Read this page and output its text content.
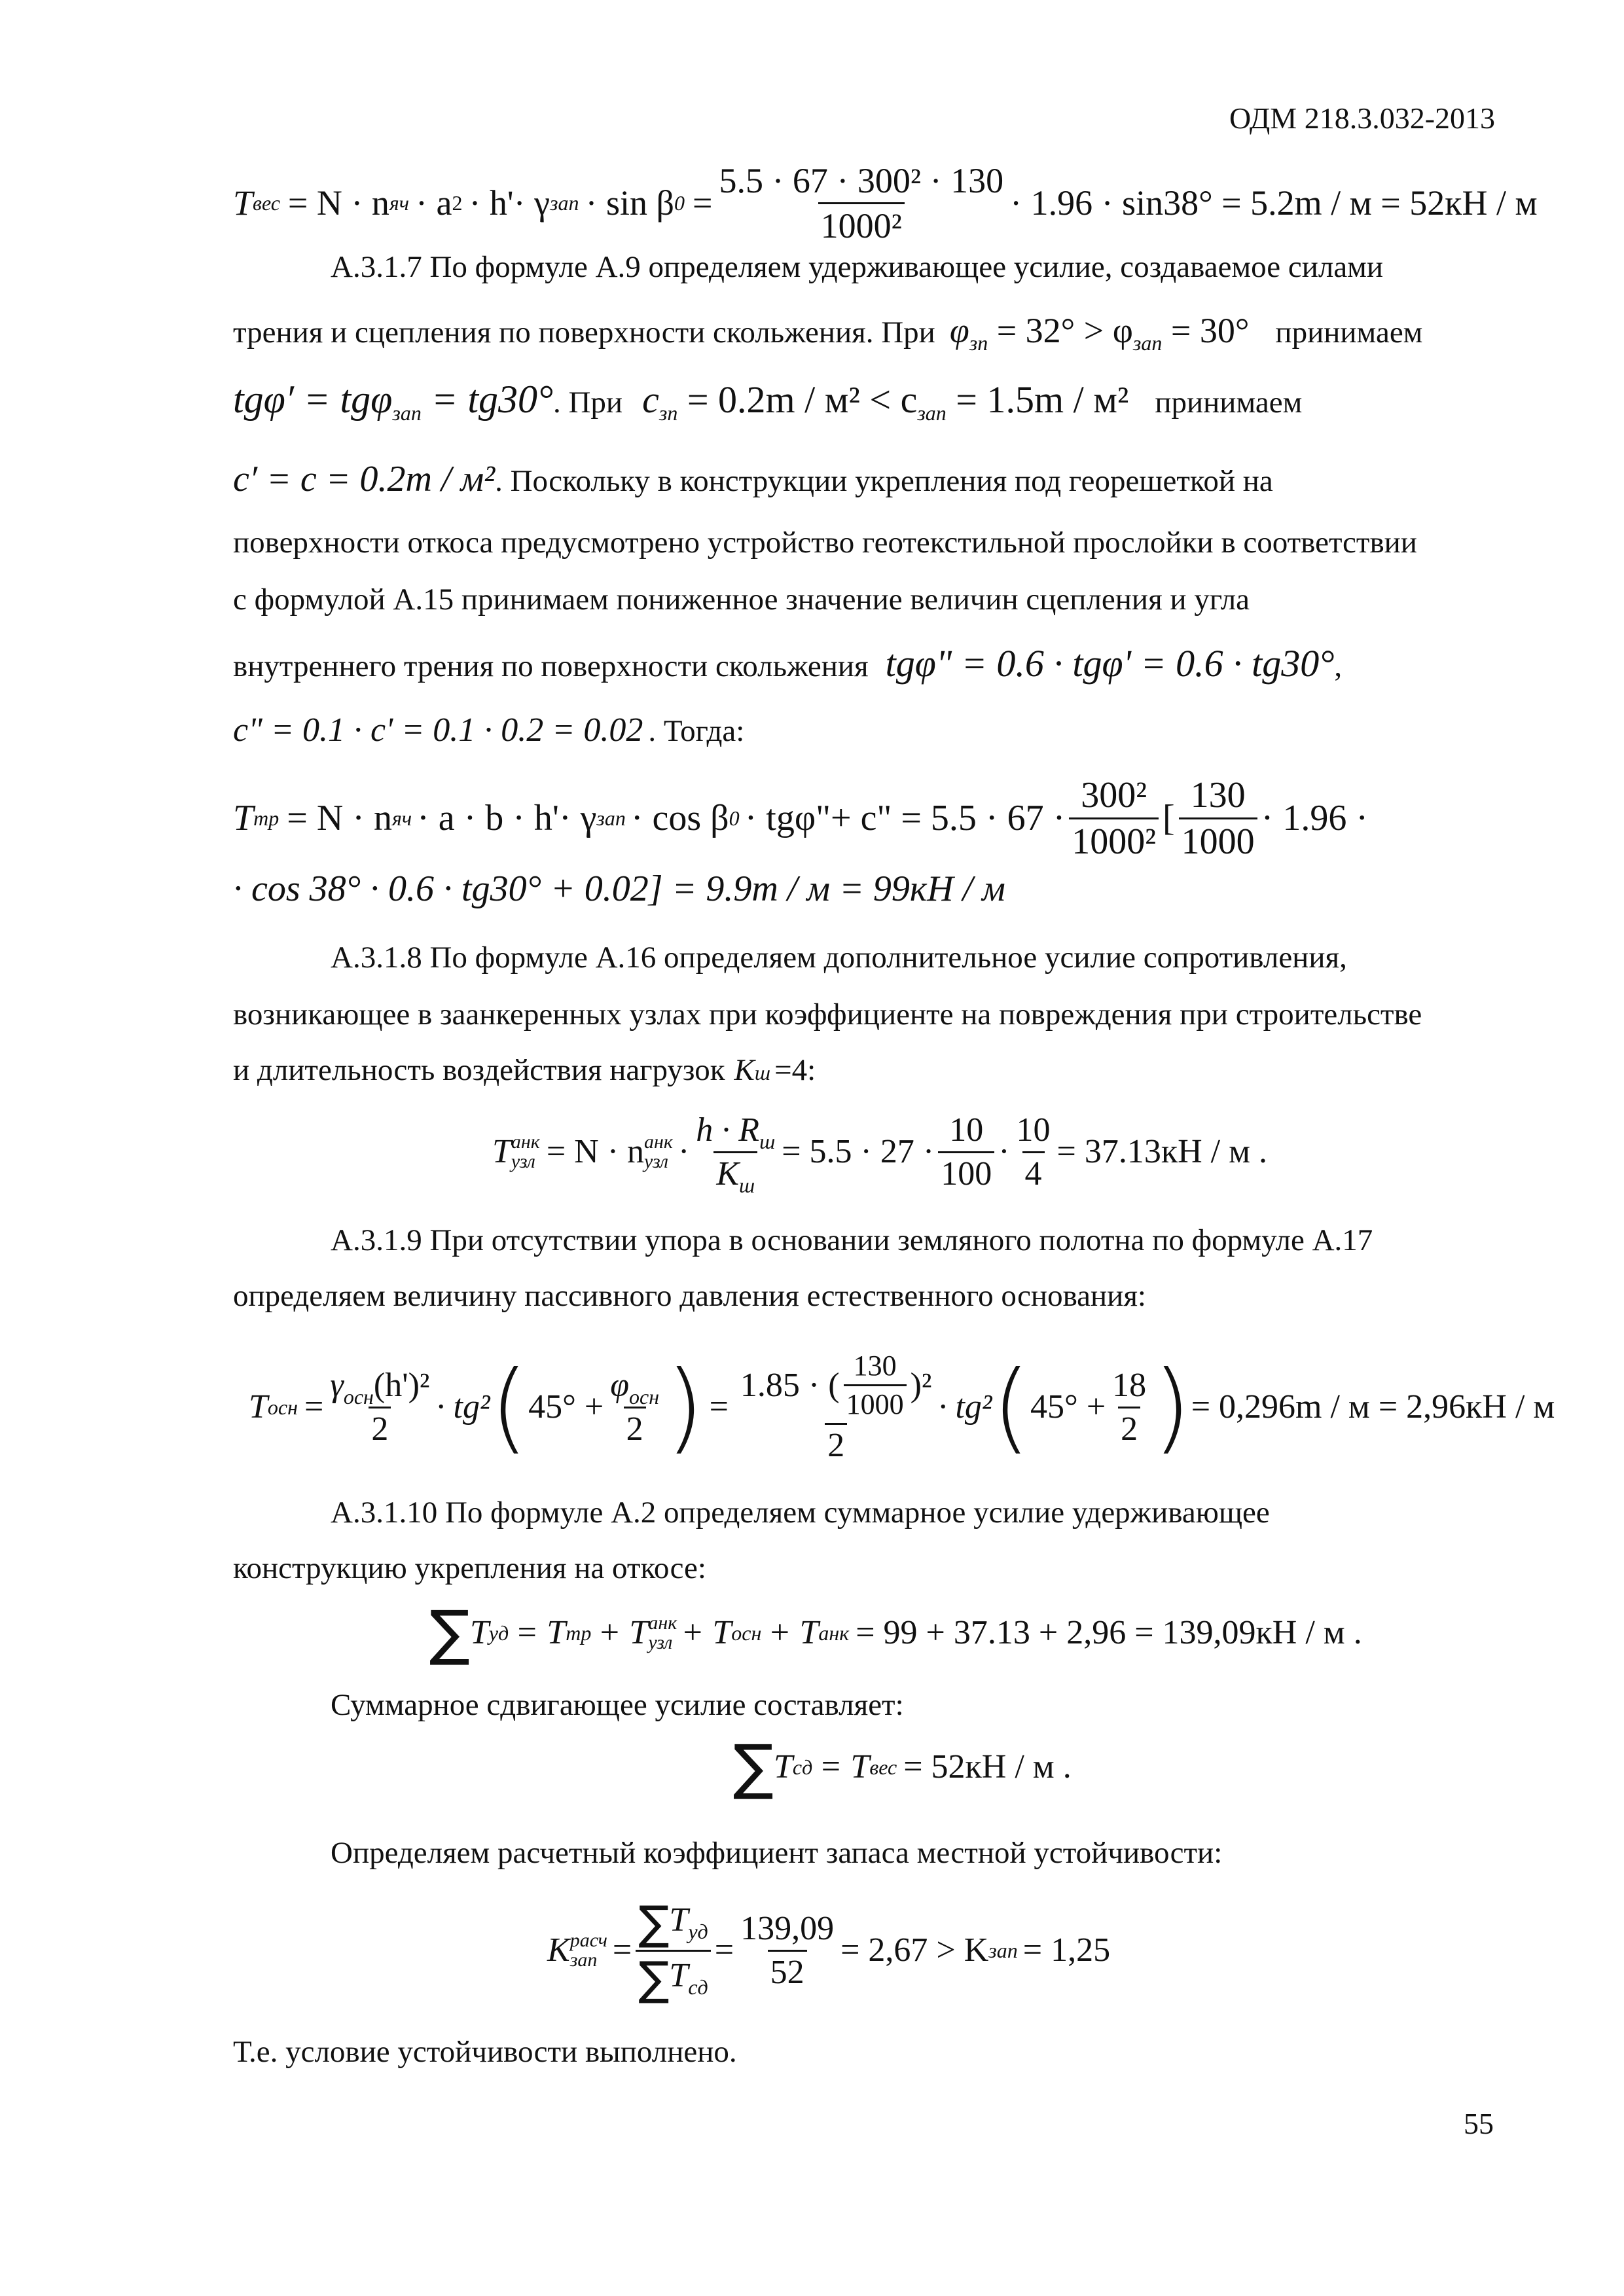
ОДМ 218.3.032-2013
T вес = N · n яч · a 2 · h'· γ зап · sin β $0 = \frac{\text{5.5 · 67 · 300² · 130}}{\text{1000²}} \cdot 1.96 \cdot \sin 38^\circ = 5.2m / м = 52кН / м$
А.3.1.7 По формуле А.9 определяем удерживающее усилие, создаваемое силами
трения и сцепления по поверхности скольжения. При $\varphi_{зп} = 32^\circ > \varphi_{зап} = 30^\circ$ принимаем
tgφ′ = tgφ$_{зап}$ = tg30° . При $c_{зп} = 0.2m / м^2 < c_{зап} = 1.5m / м^2$ принимаем
c′ = c = 0.2m / м² . Поскольку в конструкции укрепления под георешеткой на
поверхности откоса предусмотрено устройство геотекстильной прослойки в соответствии
с формулой А.15 принимаем пониженное значение величин сцепления и угла
внутреннего трения по поверхности скольжения tgφ" = 0.6 · tgφ' = 0.6 · tg30° ,
c" = 0.1 · c' = 0.1 · 0.2 = 0.02 . Тогда:
T тр = N · n яч · a · b · h'· γ зап · cos β 0 · tgφ"+ c" = $5.5 \cdot 67 \cdot \frac{\text{300²}}{\text{1000²}}$ [ $\frac{130}{1000} \cdot 1.96$ ·
· cos 38° · 0.6 · tg30° + 0.02] = 9.9m / м = 99кН / м
А.3.1.8 По формуле А.16 определяем дополнительное усилие сопротивления,
возникающее в заанкеренных узлах при коэффициенте на повреждения при строительстве
и длительность воздействия нагрузок K ш =4:
T анк
узл = N · n анк
узл · $\frac{h \cdot R_ш}{K_ш} = 5.5 \cdot 27 \cdot \frac{10}{100} \cdot \frac{10}{4} = 37.13кН / м$ .
А.3.1.9 При отсутствии упора в основании земляного полотна по формуле А.17
определяем величину пассивного давления естественного основания:
T осн = $\frac{\gamma_{осн}(h')^2}{2} \cdot tg^2$ ( $45^\circ + \frac{\varphi_{осн}}{2}$ ) = $\frac{1.85 \cdot ( \frac{130}{1000} )^2}{2} \cdot tg^2$ ( $45^\circ + \frac{18}{2}$ ) = 0,296m / м = 2,96кН / м
А.3.1.10 По формуле А.2 определяем суммарное усилие удерживающее
конструкцию укрепления на откосе:
∑ T уд = T тр + T анк
узл + T осн + T анк = 99 + 37.13 + 2,96 = 139,09кН / м .
Суммарное сдвигающее усилие составляет:
∑ T сд = T вес = 52кН / м .
Определяем расчетный коэффициент запаса местной устойчивости:
K расч
зап = $\frac{\sum T_{уд}}{\sum T_{сд}} = \frac{139,09}{52} = 2,67 > K$ зап = 1,25
Т.е. условие устойчивости выполнено.
55
